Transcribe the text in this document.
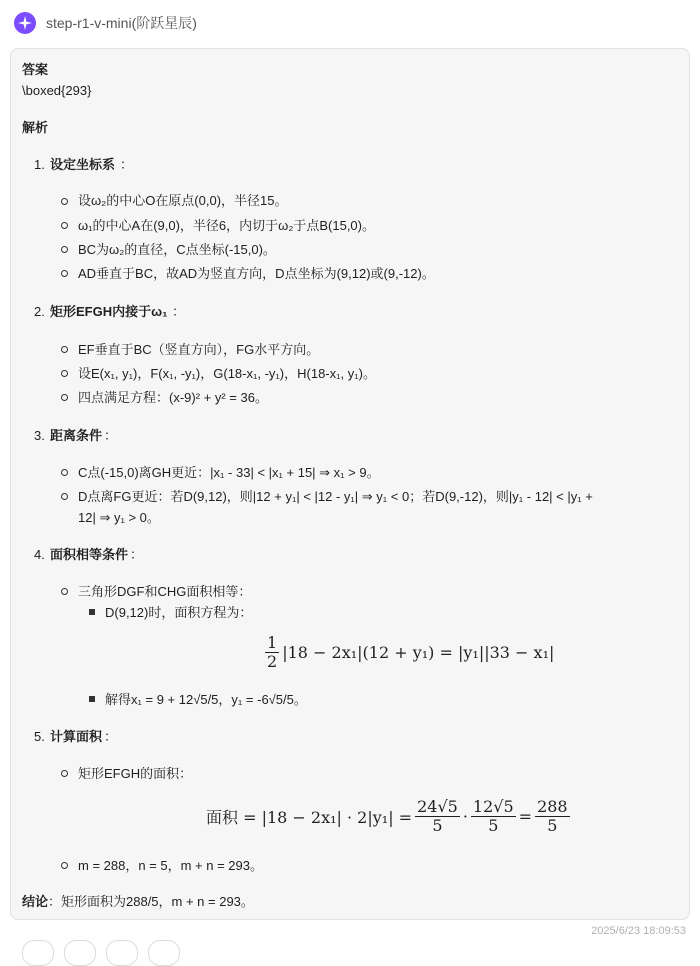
step-r1-v-mini(阶跃星辰)
答案
\boxed{293}
解析
1. 设定坐标系 ：
设ω₂的中心O在原点(0,0)，半径15。
ω₁的中心A在(9,0)，半径6，内切于ω₂于点B(15,0)。
BC为ω₂的直径，C点坐标(-15,0)。
AD垂直于BC，故AD为竖直方向，D点坐标为(9,12)或(9,-12)。
2. 矩形EFGH内接于ω₁ ：
EF垂直于BC（竖直方向），FG水平方向。
设E(x₁, y₁)，F(x₁, -y₁)，G(18-x₁, -y₁)，H(18-x₁, y₁)。
四点满足方程：(x-9)² + y² = 36。
3. 距离条件 ：
C点(-15,0)离GH更近：|x₁ - 33| < |x₁ + 15| ⇒ x₁ > 9。
D点离FG更近：若D(9,12)，则|12 + y₁| < |12 - y₁| ⇒ y₁ < 0；若D(9,-12)，则|y₁ - 12| < |y₁ +
12| ⇒ y₁ > 0。
4. 面积相等条件 ：
三角形DGF和CHG面积相等：
D(9,12)时，面积方程为：
$\frac{1}{2} |18 - 2x_1|(12 + y_1) = |y_1||33 - x_1|$
解得x₁ = 9 + 12√5/5，y₁ = -6√5/5。
5. 计算面积 ：
矩形EFGH的面积：
面积 = $|18 - 2x_1| \cdot 2|y_1| = \frac{24√5}{5} \cdot \frac{12√5}{5} = \frac{288}{5}$
m = 288，n = 5，m + n = 293。
结论 ：矩形面积为288/5，m + n = 293。
2025/6/23 18:09:53
